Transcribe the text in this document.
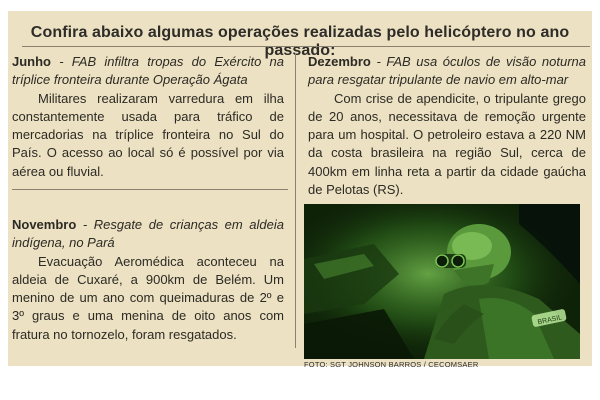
Confira abaixo algumas operações realizadas pelo helicóptero no ano passado:

Junho - FAB infiltra tropas do Exército na tríplice fronteira durante Operação Ágata

Militares realizaram varredura em ilha constantemente usada para tráfico de mercadorias na tríplice fronteira no Sul do País. O acesso ao local só é possível por via aérea ou fluvial.

Novembro - Resgate de crianças em aldeia indígena, no Pará

Evacuação Aeromédica aconteceu na aldeia de Cuxaré, a 900km de Belém. Um menino de um ano com queimaduras de 2º e 3º graus e uma menina de oito anos com fratura no tornozelo, foram resgatados.

Dezembro - FAB usa óculos de visão noturna para resgatar tripulante de navio em alto-mar

Com crise de apendicite, o tripulante grego de 20 anos, necessitava de remoção urgente para um hospital. O petroleiro estava a 220 NM da costa brasileira na região Sul, cerca de 400km em linha reta a partir da cidade gaúcha de Pelotas (RS).

BRASIL
FOTO: SGT JOHNSON BARROS / CECOMSAER
